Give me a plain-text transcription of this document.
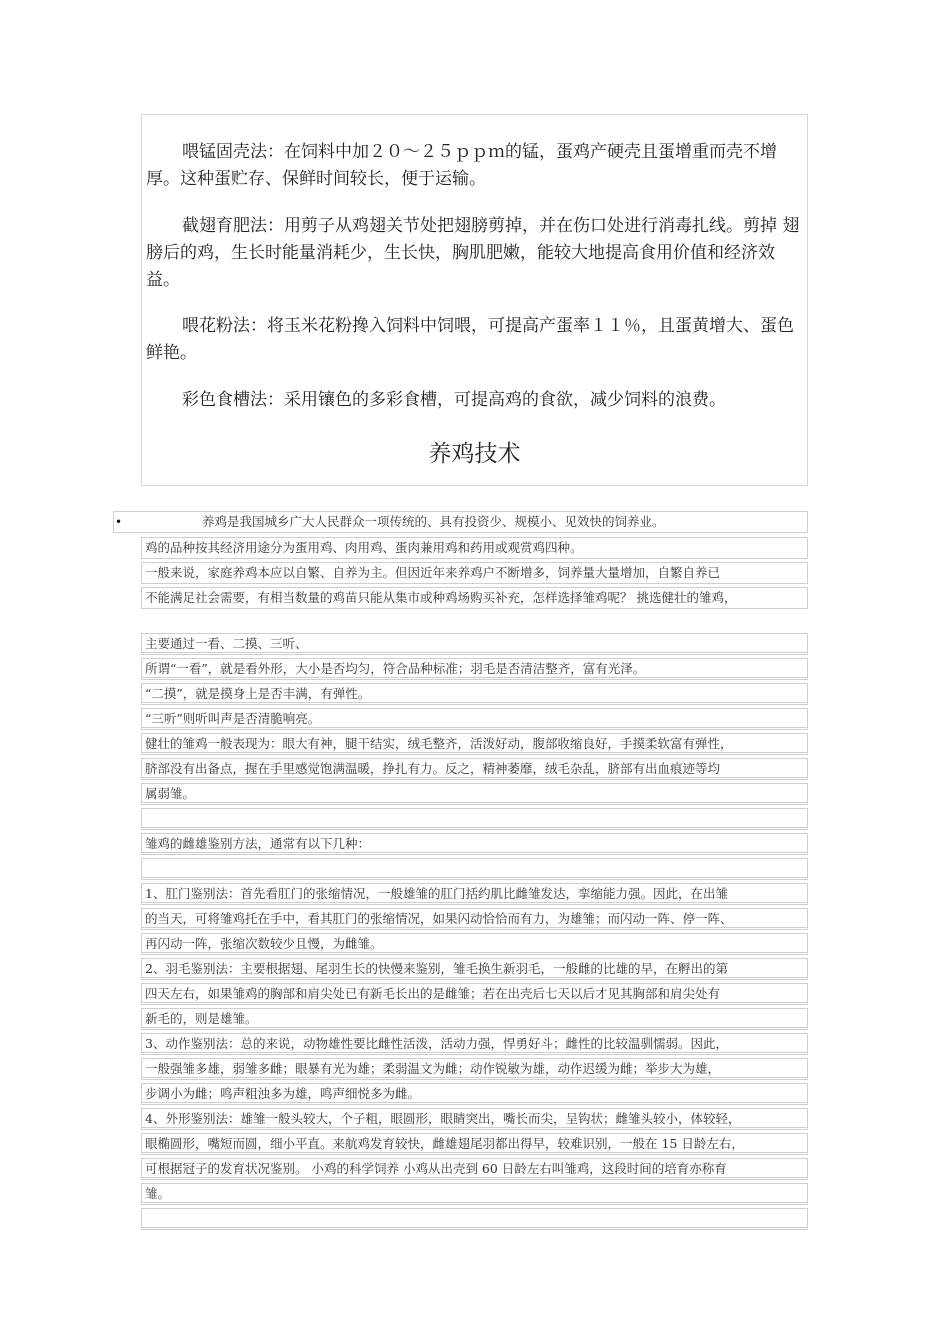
喂锰固壳法：在饲料中加２０～２５ｐｐｍ的锰，蛋鸡产硬壳且蛋增重而壳不增厚。这种蛋贮存、保鲜时间较长，便于运输。

截翅育肥法：用剪子从鸡翅关节处把翅膀剪掉，并在伤口处进行消毒扎线。剪掉 翅膀后的鸡，生长时能量消耗少，生长快，胸肌肥嫩，能较大地提高食用价值和经济效益。

喂花粉法：将玉米花粉搀入饲料中饲喂，可提高产蛋率１１％，且蛋黄增大、蛋色鲜艳。

彩色食槽法：采用镶色的多彩食槽，可提高鸡的食欲，减少饲料的浪费。

养鸡技术
•	养鸡是我国城乡广大人民群众一项传统的、具有投资少、规模小、见效快的饲养业。
鸡的品种按其经济用途分为蛋用鸡、肉用鸡、蛋肉兼用鸡和药用或观赏鸡四种。
一般来说，家庭养鸡本应以自繁、自养为主。但因近年来养鸡户不断增多，饲养量大量增加，自繁自养已
不能满足社会需要，有相当数量的鸡苗只能从集市或种鸡场购买补充，怎样选择雏鸡呢？ 挑选健壮的雏鸡，
主要通过一看、二摸、三听、
所谓“一看”，就是看外形，大小是否均匀，符合品种标准；羽毛是否清洁整齐，富有光泽。
“二摸”，就是摸身上是否丰满，有弹性。
“三听”则听叫声是否清脆响亮。
健壮的雏鸡一般表现为：眼大有神，腿干结实，绒毛整齐，活泼好动，腹部收缩良好，手摸柔软富有弹性，
脐部没有出备点，握在手里感觉饱满温暖，挣扎有力。反之，精神萎靡，绒毛杂乱，脐部有出血痕迹等均
属弱雏。
雏鸡的雌雄鉴别方法，通常有以下几种：
1、肛门鉴别法：首先看肛门的张缩情况，一般雄雏的肛门括约肌比雌雏发达，挛缩能力强。因此，在出雏
的当天，可将雏鸡托在手中，看其肛门的张缩情况，如果闪动恰恰而有力，为雄雏；而闪动一阵、停一阵、
再闪动一阵，张缩次数较少且慢，为雌雏。
2、羽毛鉴别法：主要根据翅、尾羽生长的快慢来鉴别，雏毛换生新羽毛，一般雌的比雄的早，在孵出的第
四天左右，如果雏鸡的胸部和肩尖处已有新毛长出的是雌雏；若在出壳后七天以后才见其胸部和肩尖处有
新毛的，则是雄雏。
3、动作鉴别法：总的来说，动物雄性要比雌性活泼，活动力强，悍勇好斗；雌性的比较温驯懦弱。因此，
一般强雏多雄，弱雏多雌；眼暴有光为雄；柔弱温文为雌；动作锐敏为雄，动作迟缓为雌；举步大为雄，
步调小为雌；鸣声粗浊多为雄，鸣声细悦多为雌。
4、外形鉴别法：雄雏一般头较大，个子粗，眼圆形，眼睛突出，嘴长而尖，呈钩状；雌雏头较小，体较轻，
眼椭圆形，嘴短而圆，细小平直。来航鸡发育较快，雌雄翅尾羽都出得早，较难识别，一般在 15 日龄左右，
可根据冠子的发育状况鉴别。 小鸡的科学饲养 小鸡从出壳到 60 日龄左右叫雏鸡，这段时间的培育亦称育
雏。
